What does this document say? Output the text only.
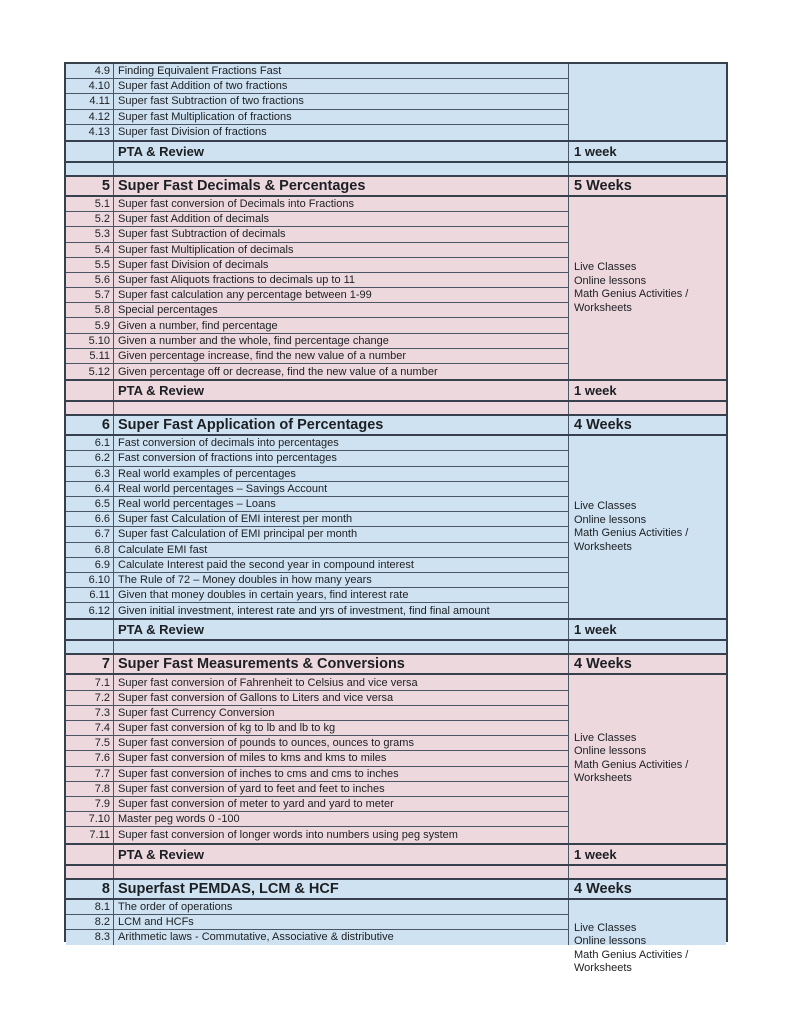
4.9 Finding Equivalent Fractions Fast
4.10 Super fast Addition of two fractions
4.11 Super fast Subtraction of two fractions
4.12 Super fast Multiplication of fractions
4.13 Super fast Division of fractions
PTA & Review	1 week
5 Super Fast Decimals & Percentages	5 Weeks
5.1 Super fast conversion of Decimals into Fractions
5.2 Super fast Addition of decimals
5.3 Super fast Subtraction of decimals
5.4 Super fast Multiplication of decimals
5.5 Super fast Division of decimals
5.6 Super fast Aliquots fractions to decimals up to 11
5.7 Super fast calculation any percentage between 1-99
5.8 Special percentages
5.9 Given a number, find percentage
5.10 Given a number and the whole, find percentage change
5.11 Given percentage increase, find the new value of a number
5.12 Given percentage off or decrease, find the new value of a number
Live Classes
Online lessons
Math Genius Activities / Worksheets
PTA & Review	1 week
6 Super Fast Application of Percentages	4 Weeks
6.1 Fast conversion of decimals into percentages
6.2 Fast conversion of fractions into percentages
6.3 Real world examples of percentages
6.4 Real world percentages – Savings Account
6.5 Real world percentages – Loans
6.6 Super fast Calculation of EMI interest per month
6.7 Super fast Calculation of EMI principal per month
6.8 Calculate EMI fast
6.9 Calculate Interest paid the second year in compound interest
6.10 The Rule of 72 – Money doubles in how many years
6.11 Given that money doubles in certain years, find interest rate
6.12 Given initial investment, interest rate and yrs of investment, find final amount
Live Classes
Online lessons
Math Genius Activities / Worksheets
PTA & Review	1 week
7 Super Fast Measurements & Conversions	4 Weeks
7.1 Super fast conversion of Fahrenheit to Celsius and vice versa
7.2 Super fast conversion of Gallons to Liters and vice versa
7.3 Super fast Currency Conversion
7.4 Super fast conversion of kg to lb and lb to kg
7.5 Super fast conversion of pounds to ounces, ounces to grams
7.6 Super fast conversion of miles to kms and kms to miles
7.7 Super fast conversion of inches to cms and cms to inches
7.8 Super fast conversion of yard to feet and feet to inches
7.9 Super fast conversion of meter to yard and yard to meter
7.10 Master peg words 0 -100
7.11 Super fast conversion of longer words into numbers using peg system
Live Classes
Online lessons
Math Genius Activities / Worksheets
PTA & Review	1 week
8 Superfast PEMDAS, LCM & HCF	4 Weeks
8.1 The order of operations
8.2 LCM and HCFs
8.3 Arithmetic laws - Commutative, Associative & distributive
Live Classes
Online lessons
Math Genius Activities / Worksheets
